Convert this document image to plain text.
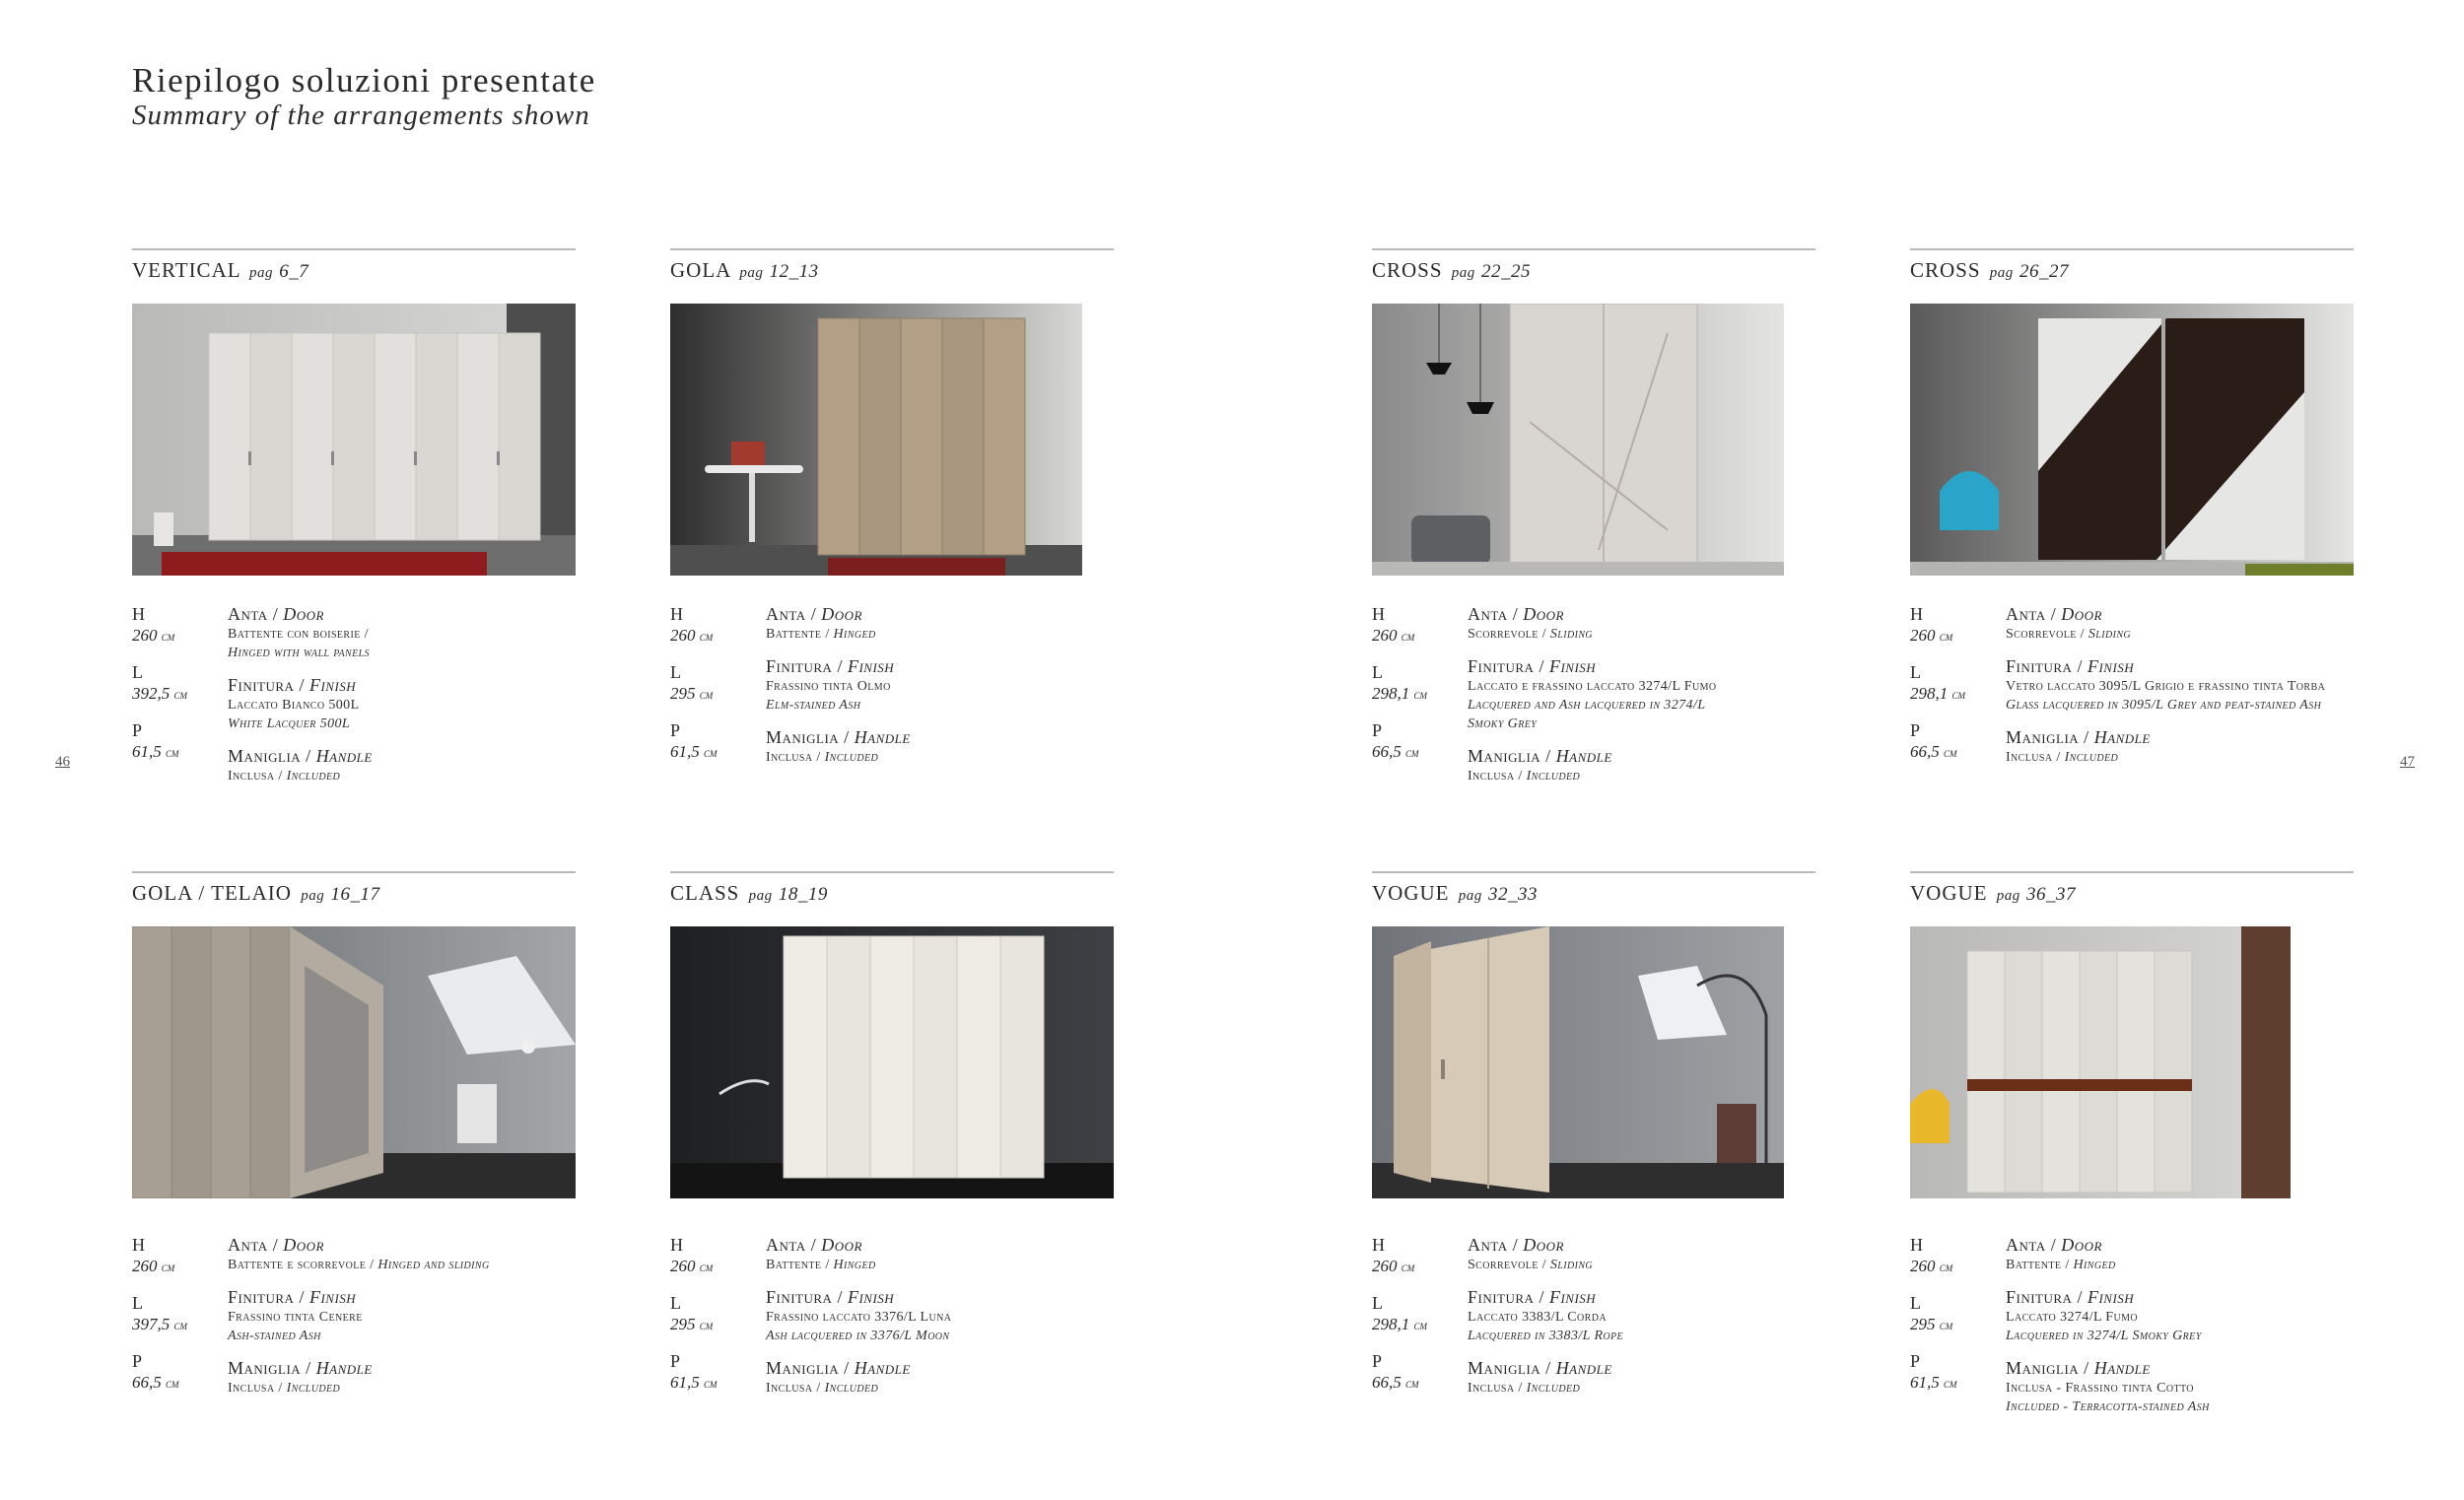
Riepilogo soluzioni presentate
Summary of the arrangements shown
46	47
VERTICAL pag 6_7
H
260 cm
L
392,5 cm
P
61,5 cm
Anta / Door
Battente con boiserie /
Hinged with wall panels
Finitura / Finish
Laccato Bianco 500L
White Lacquer 500L
Maniglia / Handle
Inclusa / Included
GOLA pag 12_13
H
260 cm
L
295 cm
P
61,5 cm
Anta / Door
Battente / Hinged
Finitura / Finish
Frassino tinta Olmo
Elm-stained Ash
Maniglia / Handle
Inclusa / Included
CROSS pag 22_25
H
260 cm
L
298,1 cm
P
66,5 cm
Anta / Door
Scorrevole / Sliding
Finitura / Finish
Laccato e frassino laccato 3274/L Fumo
Lacquered and Ash lacquered in 3274/L
Smoky Grey
Maniglia / Handle
Inclusa / Included
CROSS pag 26_27
H
260 cm
L
298,1 cm
P
66,5 cm
Anta / Door
Scorrevole / Sliding
Finitura / Finish
Vetro laccato 3095/L Grigio e frassino tinta Torba
Glass lacquered in 3095/L Grey and peat-stained Ash
Maniglia / Handle
Inclusa / Included
GOLA / TELAIO pag 16_17
H
260 cm
L
397,5 cm
P
66,5 cm
Anta / Door
Battente e scorrevole / Hinged and sliding
Finitura / Finish
Frassino tinta Cenere
Ash-stained Ash
Maniglia / Handle
Inclusa / Included
CLASS pag 18_19
H
260 cm
L
295 cm
P
61,5 cm
Anta / Door
Battente / Hinged
Finitura / Finish
Frassino laccato 3376/L Luna
Ash lacquered in 3376/L Moon
Maniglia / Handle
Inclusa / Included
VOGUE pag 32_33
H
260 cm
L
298,1 cm
P
66,5 cm
Anta / Door
Scorrevole / Sliding
Finitura / Finish
Laccato 3383/L Corda
Lacquered in 3383/L Rope
Maniglia / Handle
Inclusa / Included
VOGUE pag 36_37
H
260 cm
L
295 cm
P
61,5 cm
Anta / Door
Battente / Hinged
Finitura / Finish
Laccato 3274/L Fumo
Lacquered in 3274/L Smoky Grey
Maniglia / Handle
Inclusa - Frassino tinta Cotto
Included - Terracotta-stained Ash
